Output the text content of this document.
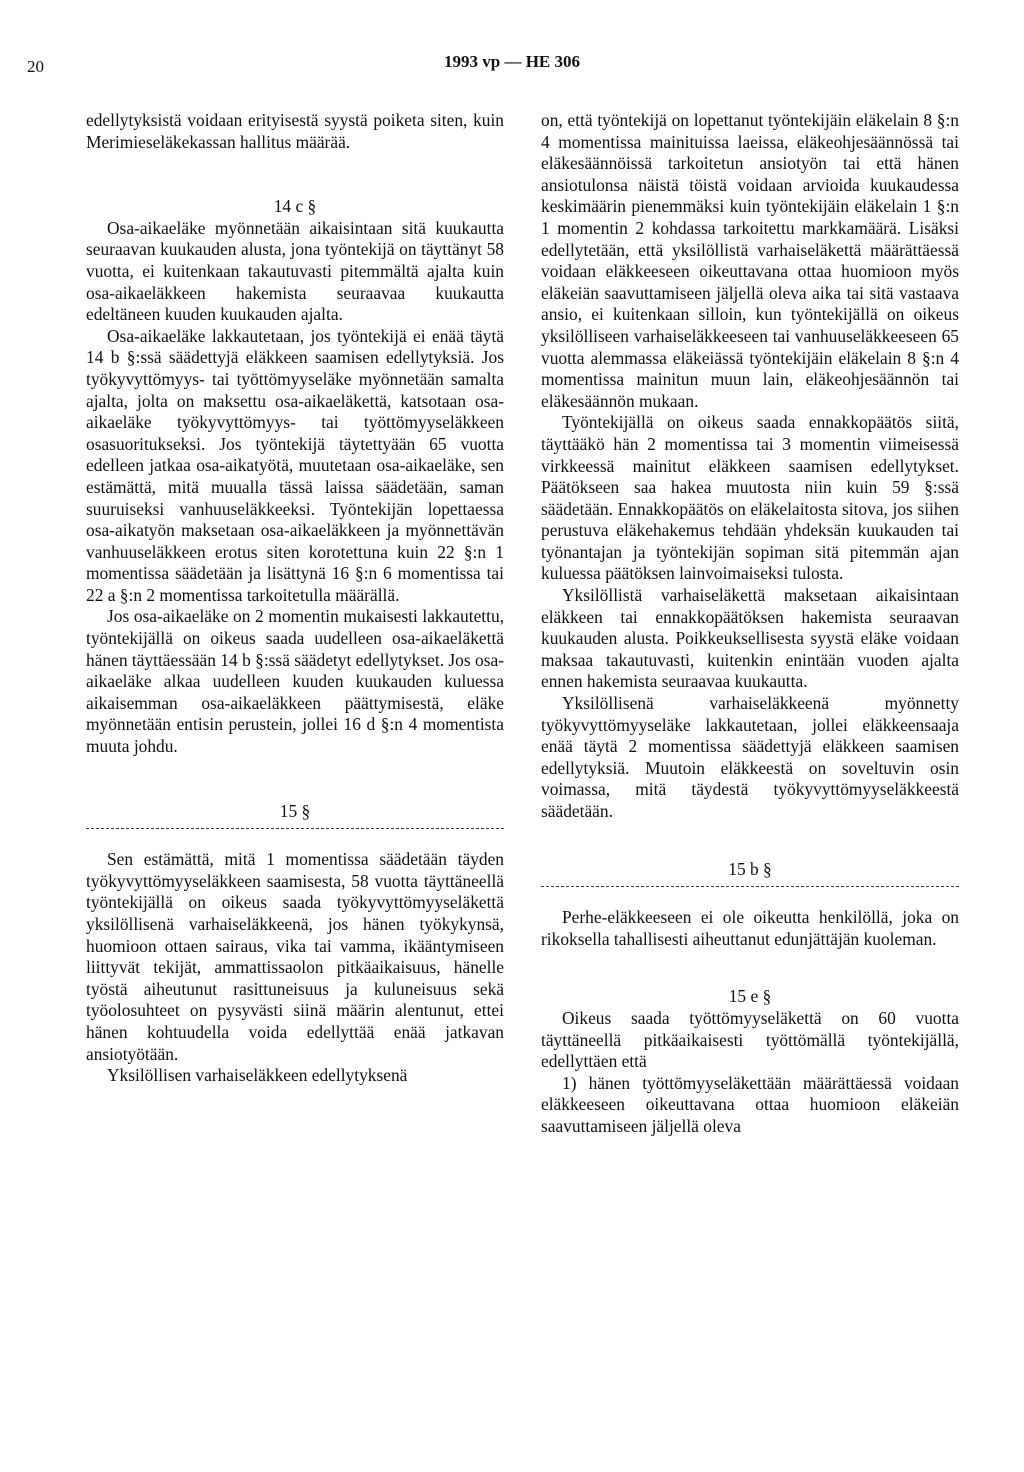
20	1993 vp — HE 306

edellytyksistä voidaan erityisestä syystä poiketa siten, kuin Merimieseläkekassan hallitus määrää.

14 c §

Osa-aikaeläke myönnetään aikaisintaan sitä kuukautta seuraavan kuukauden alusta, jona työntekijä on täyttänyt 58 vuotta, ei kuitenkaan takautuvasti pitemmältä ajalta kuin osa-aikaeläkkeen hakemista seuraavaa kuukautta edeltäneen kuuden kuukauden ajalta.

Osa-aikaeläke lakkautetaan, jos työntekijä ei enää täytä 14 b §:ssä säädettyjä eläkkeen saamisen edellytyksiä. Jos työkyvyttömyys- tai työttömyyseläke myönnetään samalta ajalta, jolta on maksettu osa-aikaeläkettä, katsotaan osa-aikaeläke työkyvyttömyys- tai työttömyyseläkkeen osasuoritukseksi. Jos työntekijä täytettyään 65 vuotta edelleen jatkaa osa-aikatyötä, muutetaan osa-aikaeläke, sen estämättä, mitä muualla tässä laissa säädetään, saman suuruiseksi vanhuuseläkkeeksi. Työntekijän lopettaessa osa-aikatyön maksetaan osa-aikaeläkkeen ja myönnettävän vanhuuseläkkeen erotus siten korotettuna kuin 22 §:n 1 momentissa säädetään ja lisättynä 16 §:n 6 momentissa tai 22 a §:n 2 momentissa tarkoitetulla määrällä.

Jos osa-aikaeläke on 2 momentin mukaisesti lakkautettu, työntekijällä on oikeus saada uudelleen osa-aikaeläkettä hänen täyttäessään 14 b §:ssä säädetyt edellytykset. Jos osa-aikaeläke alkaa uudelleen kuuden kuukauden kuluessa aikaisemman osa-aikaeläkkeen päättymisestä, eläke myönnetään entisin perustein, jollei 16 d §:n 4 momentista muuta johdu.

15 §

Sen estämättä, mitä 1 momentissa säädetään täyden työkyvyttömyyseläkkeen saamisesta, 58 vuotta täyttäneellä työntekijällä on oikeus saada työkyvyttömyyseläkettä yksilöllisenä varhaiseläkkeenä, jos hänen työkykynsä, huomioon ottaen sairaus, vika tai vamma, ikääntymiseen liittyvät tekijät, ammattissaolon pitkäaikaisuus, hänelle työstä aiheutunut rasittuneisuus ja kuluneisuus sekä työolosuhteet on pysyvästi siinä määrin alentunut, ettei hänen kohtuudella voida edellyttää enää jatkavan ansiotyötään.

Yksilöllisen varhaiseläkkeen edellytyksenä

on, että työntekijä on lopettanut työntekijäin eläkelain 8 §:n 4 momentissa mainituissa laeissa, eläkeohjesäännössä tai eläkesäännöissä tarkoitetun ansiotyön tai että hänen ansiotulonsa näistä töistä voidaan arvioida kuukaudessa keskimäärin pienemmäksi kuin työntekijäin eläkelain 1 §:n 1 momentin 2 kohdassa tarkoitettu markkamäärä. Lisäksi edellytetään, että yksilöllistä varhaiseläkettä määrättäessä voidaan eläkkeeseen oikeuttavana ottaa huomioon myös eläkeiän saavuttamiseen jäljellä oleva aika tai sitä vastaava ansio, ei kuitenkaan silloin, kun työntekijällä on oikeus yksilölliseen varhaiseläkkeeseen tai vanhuuseläkkeeseen 65 vuotta alemmassa eläkeiässä työntekijäin eläkelain 8 §:n 4 momentissa mainitun muun lain, eläkeohjesäännön tai eläkesäännön mukaan.

Työntekijällä on oikeus saada ennakkopäätös siitä, täyttääkö hän 2 momentissa tai 3 momentin viimeisessä virkkeessä mainitut eläkkeen saamisen edellytykset. Päätökseen saa hakea muutosta niin kuin 59 §:ssä säädetään. Ennakkopäätös on eläkelaitosta sitova, jos siihen perustuva eläkehakemus tehdään yhdeksän kuukauden tai työnantajan ja työntekijän sopiman sitä pitemmän ajan kuluessa päätöksen lainvoimaiseksi tulosta.

Yksilöllistä varhaiseläkettä maksetaan aikaisintaan eläkkeen tai ennakkopäätöksen hakemista seuraavan kuukauden alusta. Poikkeuksellisesta syystä eläke voidaan maksaa takautuvasti, kuitenkin enintään vuoden ajalta ennen hakemista seuraavaa kuukautta.

Yksilöllisenä varhaiseläkkeenä myönnetty työkyvyttömyyseläke lakkautetaan, jollei eläkkeensaaja enää täytä 2 momentissa säädettyjä eläkkeen saamisen edellytyksiä. Muutoin eläkkeestä on soveltuvin osin voimassa, mitä täydestä työkyvyttömyyseläkkeestä säädetään.

15 b §

Perhe-eläkkeeseen ei ole oikeutta henkilöllä, joka on rikoksella tahallisesti aiheuttanut edunjättäjän kuoleman.

15 e §

Oikeus saada työttömyyseläkettä on 60 vuotta täyttäneellä pitkäaikaisesti työttömällä työntekijällä, edellyttäen että

1) hänen työttömyyseläkettään määrättäessä voidaan eläkkeeseen oikeuttavana ottaa huomioon eläkeiän saavuttamiseen jäljellä oleva
